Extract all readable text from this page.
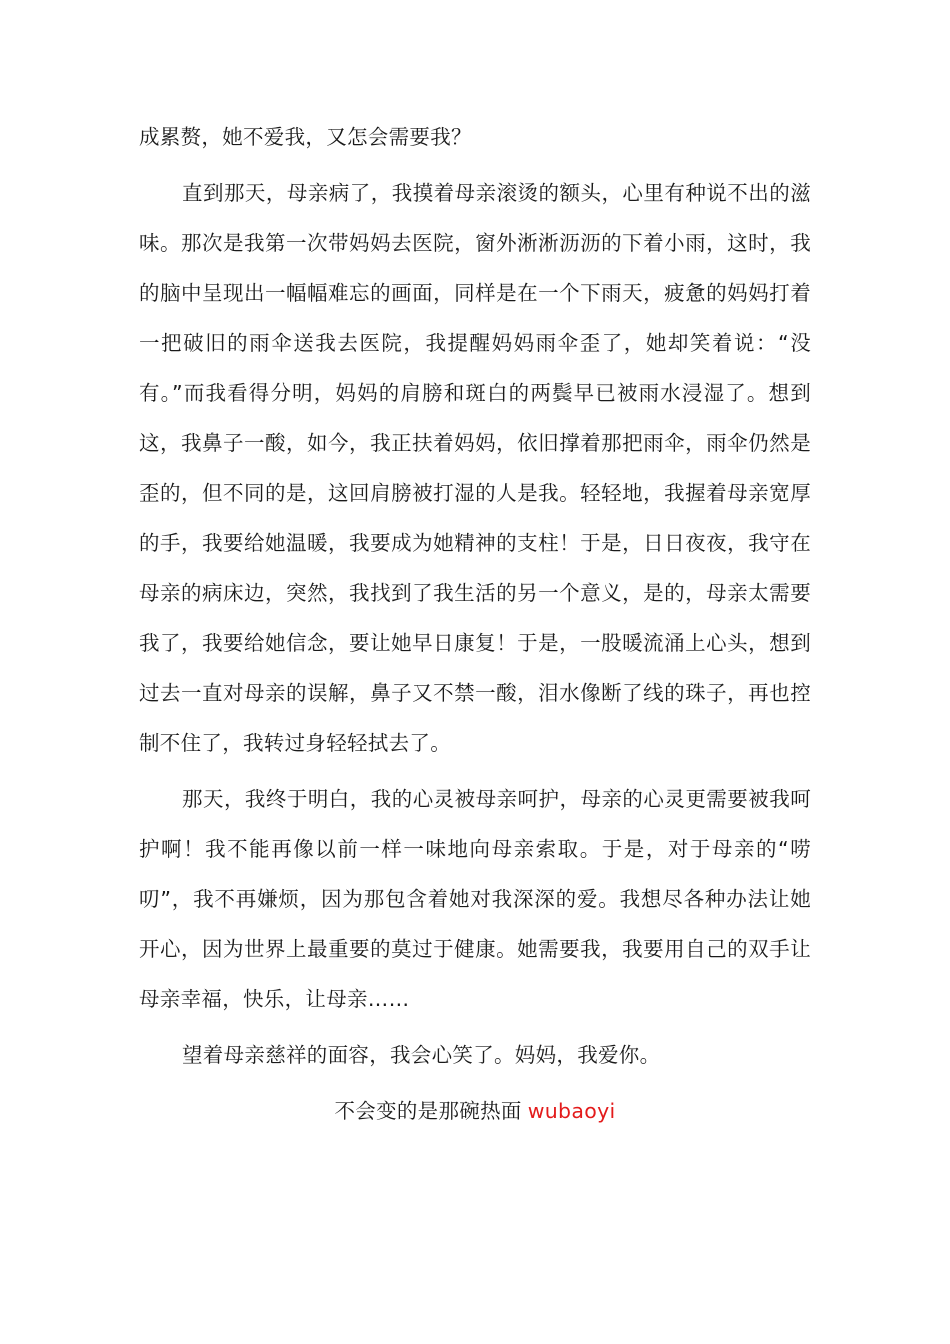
成累赘，她不爱我，又怎会需要我？

直到那天，母亲病了，我摸着母亲滚烫的额头，心里有种说不出的滋味。那次是我第一次带妈妈去医院，窗外淅淅沥沥的下着小雨，这时，我的脑中呈现出一幅幅难忘的画面，同样是在一个下雨天，疲惫的妈妈打着一把破旧的雨伞送我去医院，我提醒妈妈雨伞歪了，她却笑着说：“没有。”而我看得分明，妈妈的肩膀和斑白的两鬓早已被雨水浸湿了。想到这，我鼻子一酸，如今，我正扶着妈妈，依旧撑着那把雨伞，雨伞仍然是歪的，但不同的是，这回肩膀被打湿的人是我。轻轻地，我握着母亲宽厚的手，我要给她温暖，我要成为她精神的支柱！于是，日日夜夜，我守在母亲的病床边，突然，我找到了我生活的另一个意义，是的，母亲太需要我了，我要给她信念，要让她早日康复！于是，一股暖流涌上心头，想到过去一直对母亲的误解，鼻子又不禁一酸，泪水像断了线的珠子，再也控制不住了，我转过身轻轻拭去了。

那天，我终于明白，我的心灵被母亲呵护，母亲的心灵更需要被我呵护啊！我不能再像以前一样一味地向母亲索取。于是，对于母亲的“唠叨”，我不再嫌烦，因为那包含着她对我深深的爱。我想尽各种办法让她开心，因为世界上最重要的莫过于健康。她需要我，我要用自己的双手让母亲幸福，快乐，让母亲……

望着母亲慈祥的面容，我会心笑了。妈妈，我爱你。

不会变的是那碗热面 wubaoyi
